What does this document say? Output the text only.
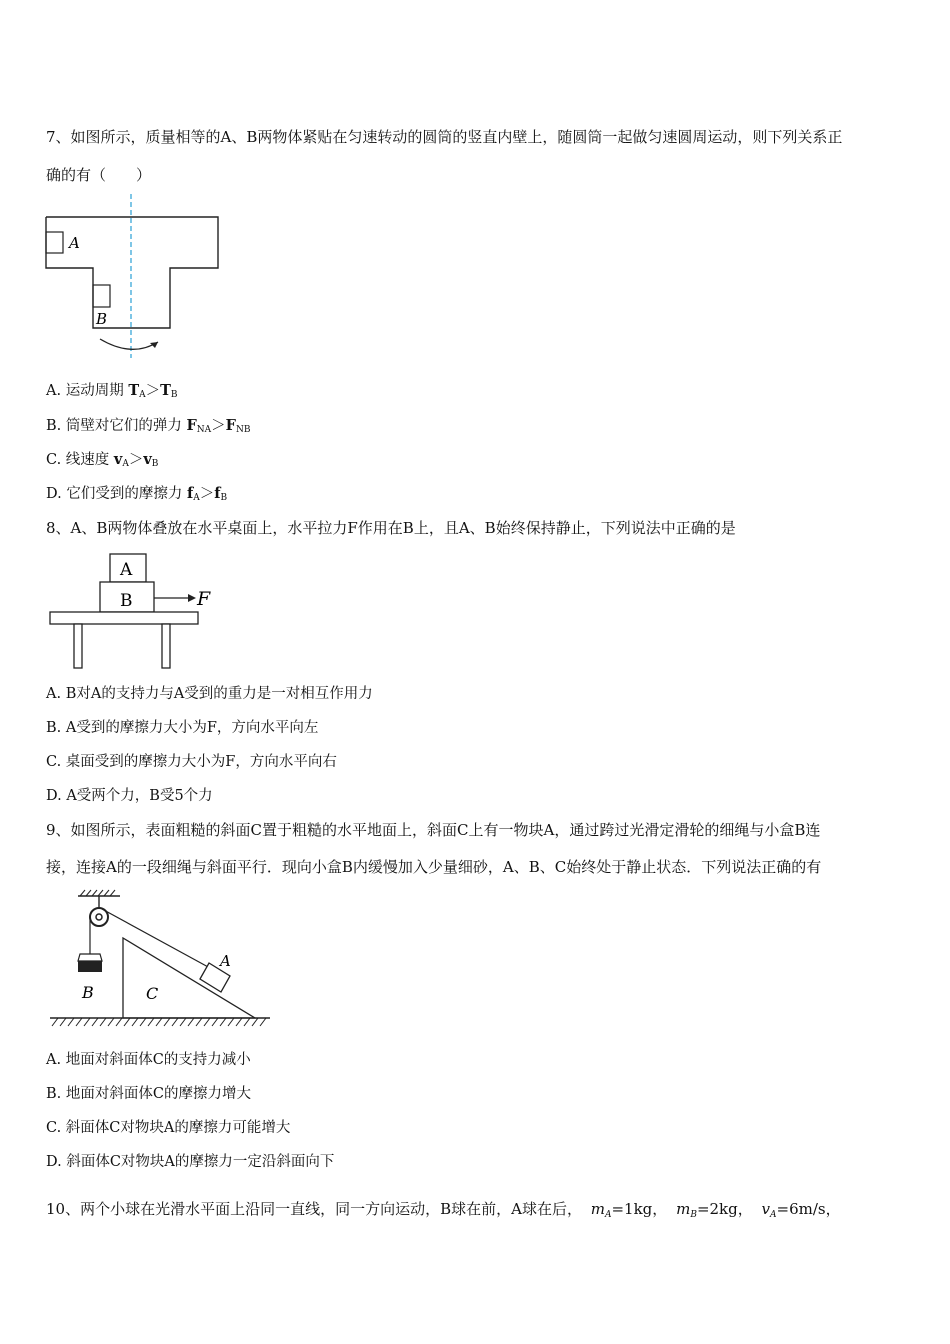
7、如图所示，质量相等的A、B两物体紧贴在匀速转动的圆筒的竖直内壁上，随圆筒一起做匀速圆周运动，则下列关系正
确的有（　　）
A
B
A. 运动周期 $T_A>T_B$
B. 筒壁对它们的弹力 $F_{NA}>F_{NB}$
C. 线速度 $v_A>v_B$
D. 它们受到的摩擦力 $f_A>f_B$
8、A、B两物体叠放在水平桌面上，水平拉力F作用在B上，且A、B始终保持静止，下列说法中正确的是
A
B	F
A. B对A的支持力与A受到的重力是一对相互作用力
B. A受到的摩擦力大小为F，方向水平向左
C. 桌面受到的摩擦力大小为F，方向水平向右
D. A受两个力，B受5个力
9、如图所示，表面粗糙的斜面C置于粗糙的水平地面上，斜面C上有一物块A，通过跨过光滑定滑轮的细绳与小盒B连
接，连接A的一段细绳与斜面平行．现向小盒B内缓慢加入少量细砂，A、B、C始终处于静止状态．下列说法正确的有
B	C
A
A. 地面对斜面体C的支持力减小
B. 地面对斜面体C的摩擦力增大
C. 斜面体C对物块A的摩擦力可能增大
D. 斜面体C对物块A的摩擦力一定沿斜面向下
10、两个小球在光滑水平面上沿同一直线，同一方向运动，B球在前，A球在后， $m_A=1kg$， $m_B=2kg$， $v_A=6m/s$，
